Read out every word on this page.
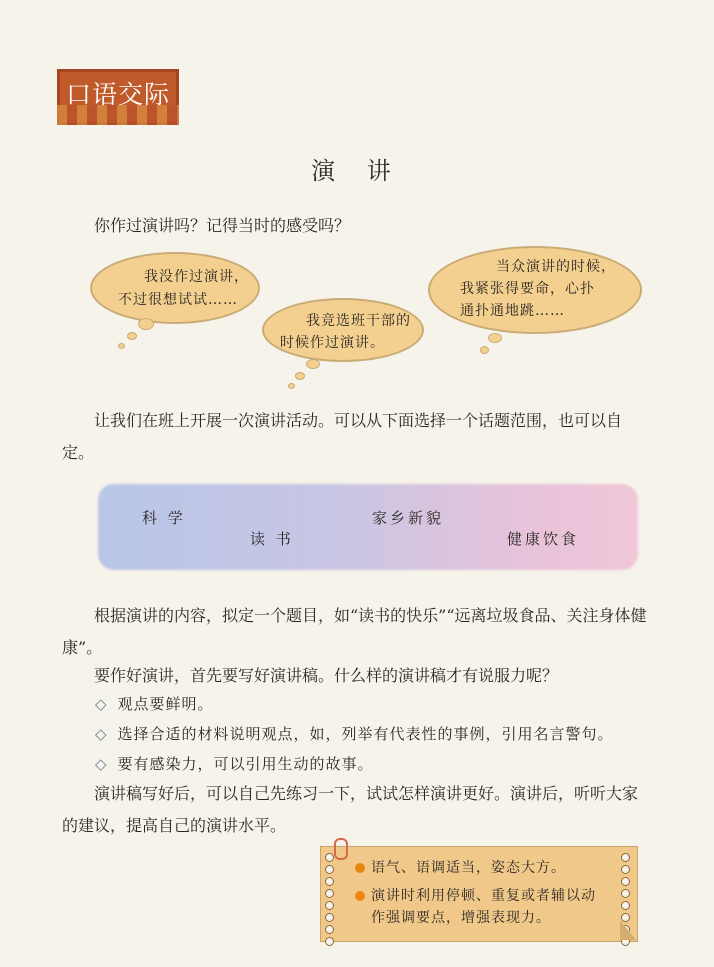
口语交际
演 讲
你作过演讲吗？记得当时的感受吗？
我没作过演讲，
不过很想试试……
我竞选班干部的
时候作过演讲。
当众演讲的时候，
我紧张得要命，心扑
通扑通地跳……
让我们在班上开展一次演讲活动。可以从下面选择一个话题范围，也可以自定。
科 学
读 书
家乡新貌
健康饮食
根据演讲的内容，拟定一个题目，如“读书的快乐”“远离垃圾食品、关注身体健康”。
要作好演讲，首先要写好演讲稿。什么样的演讲稿才有说服力呢？
◇ 观点要鲜明。
◇ 选择合适的材料说明观点，如，列举有代表性的事例，引用名言警句。
◇ 要有感染力，可以引用生动的故事。
演讲稿写好后，可以自己先练习一下，试试怎样演讲更好。演讲后，听听大家的建议，提高自己的演讲水平。
语气、语调适当，姿态大方。
演讲时利用停顿、重复或者辅以动
作强调要点，增强表现力。
